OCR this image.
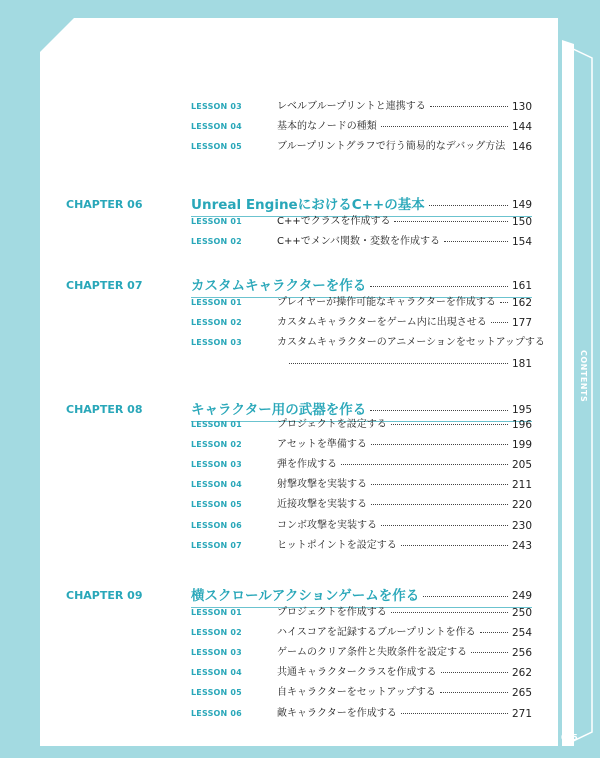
CONTENTS
005
LESSON 03	レベルブループリントと連携する	130
LESSON 04	基本的なノードの種類	144
LESSON 05	ブループリントグラフで行う簡易的なデバッグ方法 146
CHAPTER 06	Unreal EngineにおけるC++の基本	149
LESSON 01	C++でクラスを作成する	150
LESSON 02	C++でメンバ関数・変数を作成する	154
CHAPTER 07	カスタムキャラクターを作る	161
LESSON 01	プレイヤーが操作可能なキャラクターを作成する 162
LESSON 02	カスタムキャラクターをゲーム内に出現させる 177
LESSON 03	カスタムキャラクターのアニメーションをセットアップする
181
CHAPTER 08	キャラクター用の武器を作る	195
LESSON 01	プロジェクトを設定する	196
LESSON 02	アセットを準備する	199
LESSON 03	弾を作成する	205
LESSON 04	射撃攻撃を実装する	211
LESSON 05	近接攻撃を実装する	220
LESSON 06	コンボ攻撃を実装する	230
LESSON 07	ヒットポイントを設定する	243
CHAPTER 09	横スクロールアクションゲームを作る	249
LESSON 01	プロジェクトを作成する	250
LESSON 02	ハイスコアを記録するブループリントを作る	254
LESSON 03	ゲームのクリア条件と失敗条件を設定する	256
LESSON 04	共通キャラクタークラスを作成する	262
LESSON 05	自キャラクターをセットアップする	265
LESSON 06	敵キャラクターを作成する	271
